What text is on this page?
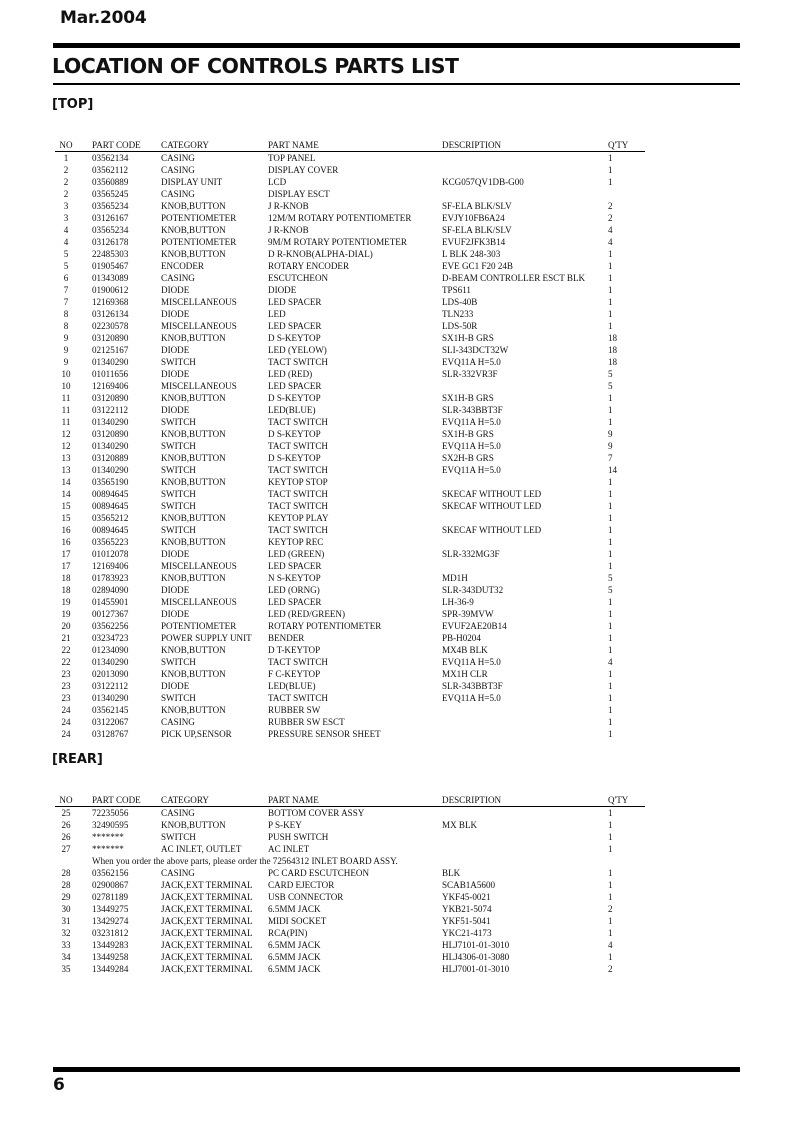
Mar.2004
LOCATION OF CONTROLS PARTS LIST
[TOP]
NO	PART CODE	CATEGORY	PART NAME	DESCRIPTION	Q'TY
1	03562134	CASING	TOP PANEL		1
2	03562112	CASING	DISPLAY COVER		1
2	03560889	DISPLAY UNIT	LCD	KCG057QV1DB-G00	1
2	03565245	CASING	DISPLAY ESCT		
3	03565234	KNOB,BUTTON	J R-KNOB	SF-ELA BLK/SLV	2
3	03126167	POTENTIOMETER	12M/M ROTARY POTENTIOMETER	EVJY10FB6A24	2
4	03565234	KNOB,BUTTON	J R-KNOB	SF-ELA BLK/SLV	4
4	03126178	POTENTIOMETER	9M/M ROTARY POTENTIOMETER	EVUF2JFK3B14	4
5	22485303	KNOB,BUTTON	D R-KNOB(ALPHA-DIAL)	L BLK 248-303	1
5	01905467	ENCODER	ROTARY ENCODER	EVE GC1 F20 24B	1
6	01343089	CASING	ESCUTCHEON	D-BEAM CONTROLLER ESCT BLK	1
7	01900612	DIODE	DIODE	TPS611	1
7	12169368	MISCELLANEOUS	LED SPACER	LDS-40B	1
8	03126134	DIODE	LED	TLN233	1
8	02230578	MISCELLANEOUS	LED SPACER	LDS-50R	1
9	03120890	KNOB,BUTTON	D S-KEYTOP	SX1H-B GRS	18
9	02125167	DIODE	LED (YELOW)	SLI-343DCT32W	18
9	01340290	SWITCH	TACT SWITCH	EVQ11A H=5.0	18
10	01011656	DIODE	LED (RED)	SLR-332VR3F	5
10	12169406	MISCELLANEOUS	LED SPACER		5
11	03120890	KNOB,BUTTON	D S-KEYTOP	SX1H-B GRS	1
11	03122112	DIODE	LED(BLUE)	SLR-343BBT3F	1
11	01340290	SWITCH	TACT SWITCH	EVQ11A H=5.0	1
12	03120890	KNOB,BUTTON	D S-KEYTOP	SX1H-B GRS	9
12	01340290	SWITCH	TACT SWITCH	EVQ11A H=5.0	9
13	03120889	KNOB,BUTTON	D S-KEYTOP	SX2H-B GRS	7
13	01340290	SWITCH	TACT SWITCH	EVQ11A H=5.0	14
14	03565190	KNOB,BUTTON	KEYTOP STOP		1
14	00894645	SWITCH	TACT SWITCH	SKECAF WITHOUT LED	1
15	00894645	SWITCH	TACT SWITCH	SKECAF WITHOUT LED	1
15	03565212	KNOB,BUTTON	KEYTOP PLAY		1
16	00894645	SWITCH	TACT SWITCH	SKECAF WITHOUT LED	1
16	03565223	KNOB,BUTTON	KEYTOP REC		1
17	01012078	DIODE	LED (GREEN)	SLR-332MG3F	1
17	12169406	MISCELLANEOUS	LED SPACER		1
18	01783923	KNOB,BUTTON	N S-KEYTOP	MD1H	5
18	02894090	DIODE	LED (ORNG)	SLR-343DUT32	5
19	01455901	MISCELLANEOUS	LED SPACER	LH-36-9	1
19	00127367	DIODE	LED (RED/GREEN)	SPR-39MVW	1
20	03562256	POTENTIOMETER	ROTARY POTENTIOMETER	EVUF2AE20B14	1
21	03234723	POWER SUPPLY UNIT	BENDER	PB-H0204	1
22	01234090	KNOB,BUTTON	D T-KEYTOP	MX4B BLK	1
22	01340290	SWITCH	TACT SWITCH	EVQ11A H=5.0	4
23	02013090	KNOB,BUTTON	F C-KEYTOP	MX1H CLR	1
23	03122112	DIODE	LED(BLUE)	SLR-343BBT3F	1
23	01340290	SWITCH	TACT SWITCH	EVQ11A H=5.0	1
24	03562145	KNOB,BUTTON	RUBBER SW		1
24	03122067	CASING	RUBBER SW ESCT		1
24	03128767	PICK UP,SENSOR	PRESSURE SENSOR SHEET		1
[REAR]
NO	PART CODE	CATEGORY	PART NAME	DESCRIPTION	Q'TY
25	72235056	CASING	BOTTOM COVER ASSY		1
26	32490595	KNOB,BUTTON	P S-KEY	MX BLK	1
26	*******	SWITCH	PUSH SWITCH		1
27	*******	AC INLET, OUTLET	AC INLET		1
When you order the above parts, please order the 72564312 INLET BOARD ASSY.					
28	03562156	CASING	PC CARD ESCUTCHEON	BLK	1
28	02900867	JACK,EXT TERMINAL	CARD EJECTOR	SCAB1A5600	1
29	02781189	JACK,EXT TERMINAL	USB CONNECTOR	YKF45-0021	1
30	13449275	JACK,EXT TERMINAL	6.5MM JACK	YKB21-5074	2
31	13429274	JACK,EXT TERMINAL	MIDI SOCKET	YKF51-5041	1
32	03231812	JACK,EXT TERMINAL	RCA(PIN)	YKC21-4173	1
33	13449283	JACK,EXT TERMINAL	6.5MM JACK	HLJ7101-01-3010	4
34	13449258	JACK,EXT TERMINAL	6.5MM JACK	HLJ4306-01-3080	1
35	13449284	JACK,EXT TERMINAL	6.5MM JACK	HLJ7001-01-3010	2
6
